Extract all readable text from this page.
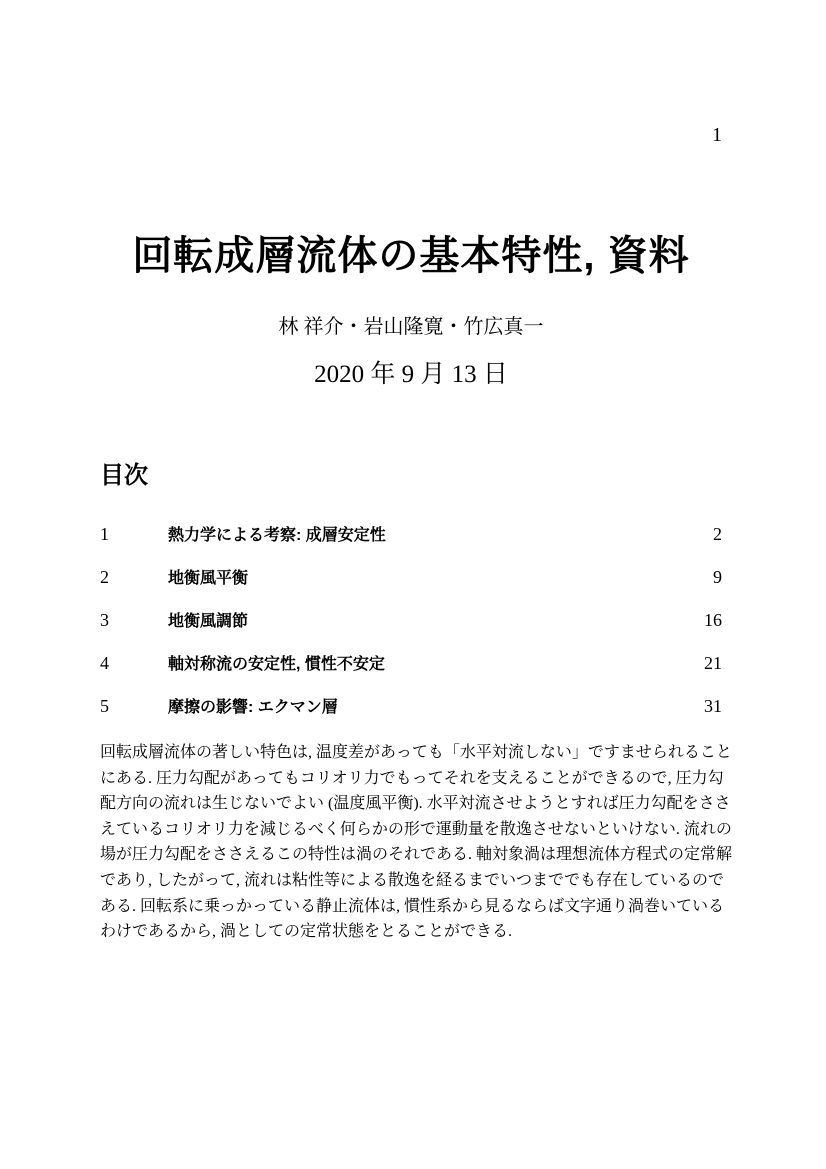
1
回転成層流体の基本特性, 資料
林 祥介・岩山隆寛・竹広真一
2020 年 9 月 13 日
目次
1	熱力学による考察: 成層安定性	2
2	地衡風平衡	9
3	地衡風調節	16
4	軸対称流の安定性, 慣性不安定	21
5	摩擦の影響: エクマン層	31
回転成層流体の著しい特色は, 温度差があっても「水平対流しない」ですませられること
にある. 圧力勾配があってもコリオリ力でもってそれを支えることができるので, 圧力勾
配方向の流れは生じないでよい (温度風平衡). 水平対流させようとすれば圧力勾配をささ
えているコリオリ力を減じるべく何らかの形で運動量を散逸させないといけない. 流れの
場が圧力勾配をささえるこの特性は渦のそれである. 軸対象渦は理想流体方程式の定常解
であり, したがって, 流れは粘性等による散逸を経るまでいつまででも存在しているので
ある. 回転系に乗っかっている静止流体は, 慣性系から見るならば文字通り渦巻いている
わけであるから, 渦としての定常状態をとることができる.
